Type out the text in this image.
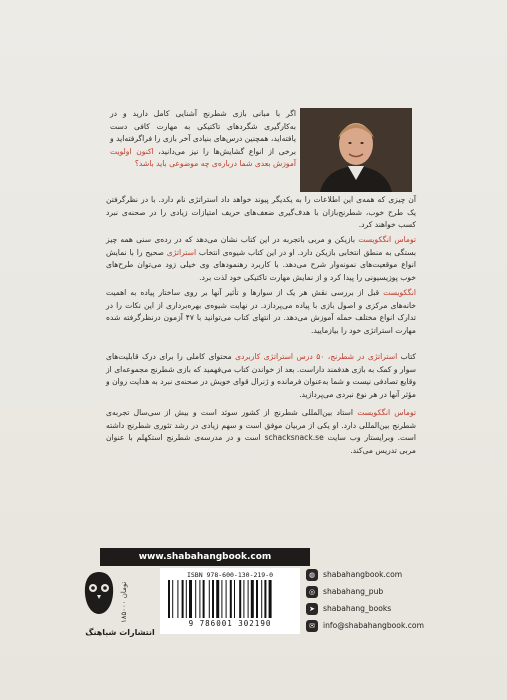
اگر با مبانی بازی شطرنج آشنایی کامل دارید و در به‌کارگیری شگردهای تاکتیکی به مهارت کافی دست یافته‌اید، همچنین درس‌های بنیادی آخر بازی را فراگرفته‌اید و برخی از انواع گشایش‌ها را نیز می‌دانید، اکنون اولویت آموزش بعدی شما درباره‌ی چه موضوعی باید باشد؟
آن چیزی که همه‌ی این اطلاعات را به یکدیگر پیوند خواهد داد استراتژی نام دارد. با در نظرگرفتن یک طرح خوب، شطرنج‌بازان با هدف‌گیری ضعف‌های حریف امتیازات زیادی را در صحنه‌ی نبرد کسب خواهند کرد.
توماس انگکویست بازیکن و مربی باتجربه در این کتاب نشان می‌دهد که در رده‌ی سنی همه چیز بستگی به منطق انتخابی بازیکن دارد. او در این کتاب شیوه‌ی انتخاب استراتژی صحیح را با نمایش انواع موقعیت‌های نمونه‌وار شرح می‌دهد. با کاربرد رهنمودهای وی خیلی زود می‌توان طرح‌های خوب پوزیسیونی را پیدا کرد و از نمایش مهارت تاکتیکی خود لذت برد.
انگکویست قبل از بررسی نقش هر یک از سوارها و تأثیر آنها بر روی ساختار پیاده به اهمیت خانه‌های مرکزی و اصول بازی با پیاده می‌پردازد. در نهایت شیوه‌ی بهره‌برداری از این نکات را در تدارک انواع مختلف حمله آموزش می‌دهد. در انتهای کتاب می‌توانید با ۴۷ آزمون درنظرگرفته شده مهارت استراتژی خود را بیازمایید.
کتاب استراتژی در شطرنج، ۵۰ درس استراتژی کاربردی محتوای کاملی را برای درک قابلیت‌های سوار و کمک به بازی هدفمند داراست. بعد از خواندن کتاب می‌فهمید که بازی شطرنج مجموعه‌ای از وقایع تصادفی نیست و شما به‌عنوان فرمانده و ژنرال قوای خویش در صحنه‌ی نبرد به هدایت روان و مؤثر آنها در هر نوع نبردی می‌پردازید.
توماس انگکویست استاد بین‌المللی شطرنج از کشور سوئد است و بیش از سی‌سال تجربه‌ی شطرنج بین‌المللی دارد. او یکی از مربیان موفق است و سهم زیادی در رشد تئوری شطرنج داشته است. وبرایستار وب سایت schacksnack.se است و در مدرسه‌ی شطرنج استکهلم با عنوان مربی تدریس می‌کند.
www.shabahangbook.com
۱۸۵۰۰۰ تومان
ISBN 978-600-130-219-0
9 786001 302190
انتشارات شباهنگ
◍	shabahangbook.com
◎	shabahang_pub
➤	shabahang_books
✉	info@shabahangbook.com
